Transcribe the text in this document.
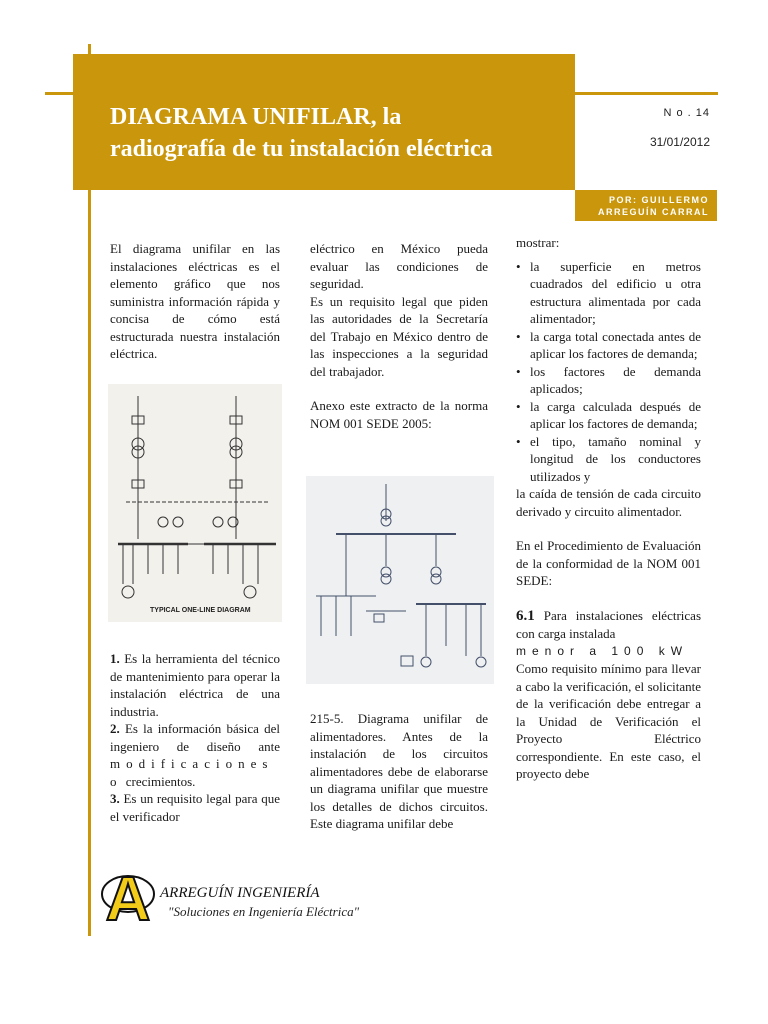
DIAGRAMA UNIFILAR, la
radiografía de tu instalación eléctrica
N o . 14
31/01/2012
POR: GUILLERMO
ARREGUÍN CARRAL

El diagrama unifilar en las instalaciones eléctricas es el elemento gráfico que nos suministra información rápida y concisa de cómo está estructurada nuestra instalación eléctrica.

TYPICAL ONE-LINE DIAGRAM

1. Es la herramienta del técnico de mantenimiento para operar la instalación eléctrica de una industria.

2. Es la información básica del ingeniero de diseño ante modificaciones o crecimientos.

3. Es un requisito legal para que el verificador

eléctrico en México pueda evaluar las condiciones de seguridad.

Es un requisito legal que piden las autoridades de la Secretaría del Trabajo en México dentro de las inspecciones a la seguridad del trabajador.

Anexo este extracto de la norma NOM 001 SEDE 2005:

215-5. Diagrama unifilar de alimentadores. Antes de la instalación de los circuitos alimentadores debe de elaborarse un diagrama unifilar que muestre los detalles de dichos circuitos. Este diagrama unifilar debe

mostrar:

• la superficie en metros cuadrados del edificio u otra estructura alimentada por cada alimentador;
• la carga total conectada antes de aplicar los factores de demanda;
• los factores de demanda aplicados;
• la carga calculada después de aplicar los factores de demanda;
• el tipo, tamaño nominal y longitud de los conductores utilizados y

la caída de tensión de cada circuito derivado y circuito alimentador.

En el Procedimiento de Evaluación de la conformidad de la NOM 001 SEDE:

6.1 Para instalaciones eléctricas con carga instalada

menor a 100 kW

Como requisito mínimo para llevar a cabo la verificación, el solicitante de la verificación debe entregar a la Unidad de Verificación el Proyecto Eléctrico correspondiente. En este caso, el proyecto debe

A ARREGUÍN INGENIERÍA
"Soluciones en Ingeniería Eléctrica"
